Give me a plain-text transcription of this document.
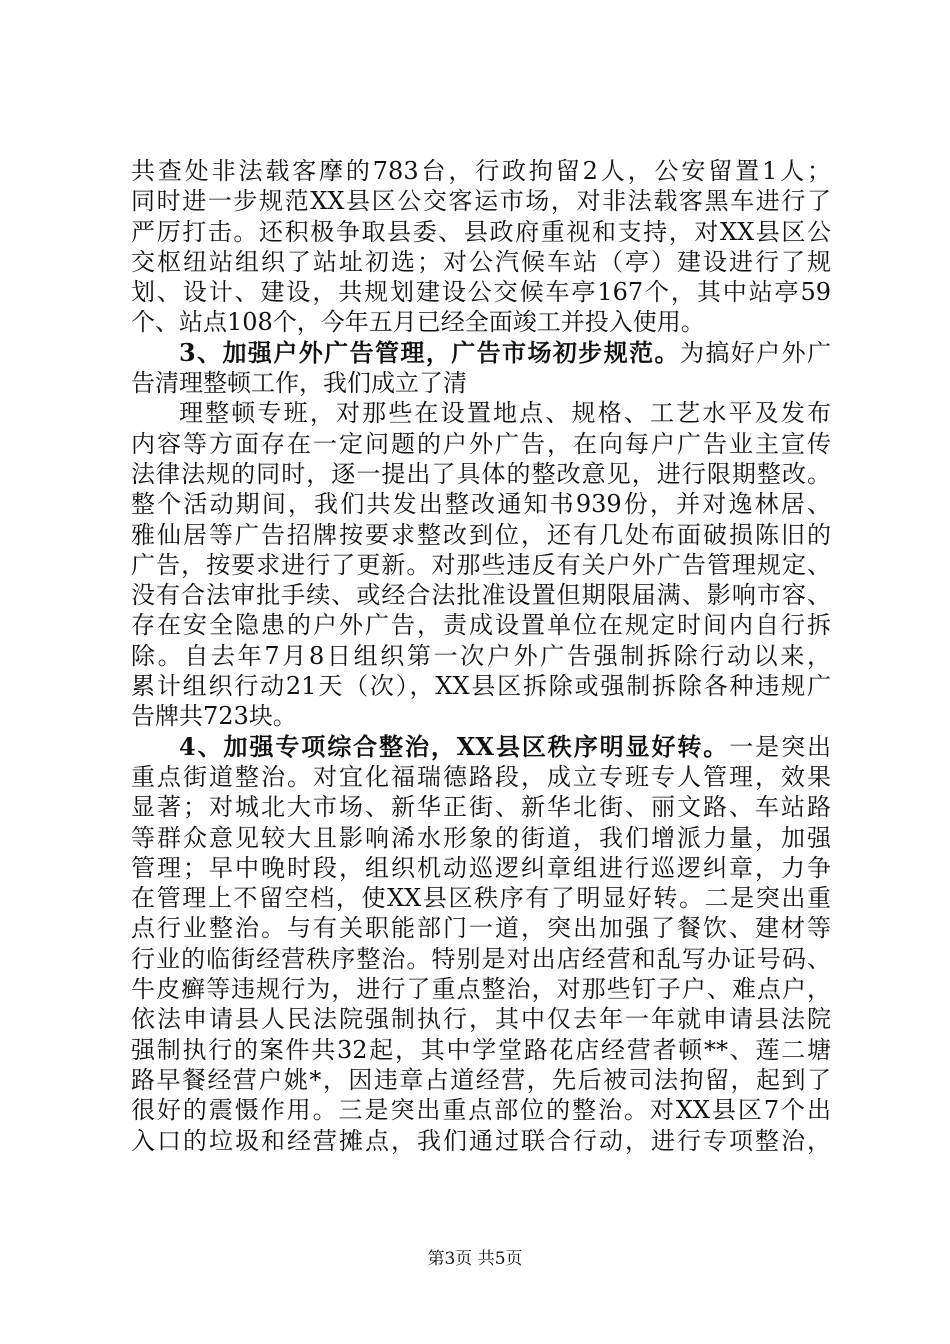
共查处非法载客摩的783台，行政拘留2人，公安留置1人；
同时进一步规范XX县区公交客运市场，对非法载客黑车进行了
严厉打击。还积极争取县委、县政府重视和支持，对XX县区公
交枢纽站组织了站址初选；对公汽候车站（亭）建设进行了规
划、设计、建设，共规划建设公交候车亭167个，其中站亭59
个、站点108个，今年五月已经全面竣工并投入使用。
3、加强户外广告管理，广告市场初步规范。为搞好户外广
告清理整顿工作，我们成立了清
理整顿专班，对那些在设置地点、规格、工艺水平及发布
内容等方面存在一定问题的户外广告，在向每户广告业主宣传
法律法规的同时，逐一提出了具体的整改意见，进行限期整改。
整个活动期间，我们共发出整改通知书939份，并对逸林居、
雅仙居等广告招牌按要求整改到位，还有几处布面破损陈旧的
广告，按要求进行了更新。对那些违反有关户外广告管理规定、
没有合法审批手续、或经合法批准设置但期限届满、影响市容、
存在安全隐患的户外广告，责成设置单位在规定时间内自行拆
除。自去年7月8日组织第一次户外广告强制拆除行动以来，
累计组织行动21天（次），XX县区拆除或强制拆除各种违规广
告牌共723块。
4、加强专项综合整治，XX县区秩序明显好转。一是突出
重点街道整治。对宜化福瑞德路段，成立专班专人管理，效果
显著；对城北大市场、新华正街、新华北街、丽文路、车站路
等群众意见较大且影响浠水形象的街道，我们增派力量，加强
管理；早中晚时段，组织机动巡逻纠章组进行巡逻纠章，力争
在管理上不留空档，使XX县区秩序有了明显好转。二是突出重
点行业整治。与有关职能部门一道，突出加强了餐饮、建材等
行业的临街经营秩序整治。特别是对出店经营和乱写办证号码、
牛皮癣等违规行为，进行了重点整治，对那些钉子户、难点户，
依法申请县人民法院强制执行，其中仅去年一年就申请县法院
强制执行的案件共32起，其中学堂路花店经营者顿**、莲二塘
路早餐经营户姚*，因违章占道经营，先后被司法拘留，起到了
很好的震慑作用。三是突出重点部位的整治。对XX县区7个出
入口的垃圾和经营摊点，我们通过联合行动，进行专项整治，
第3页 共5页
